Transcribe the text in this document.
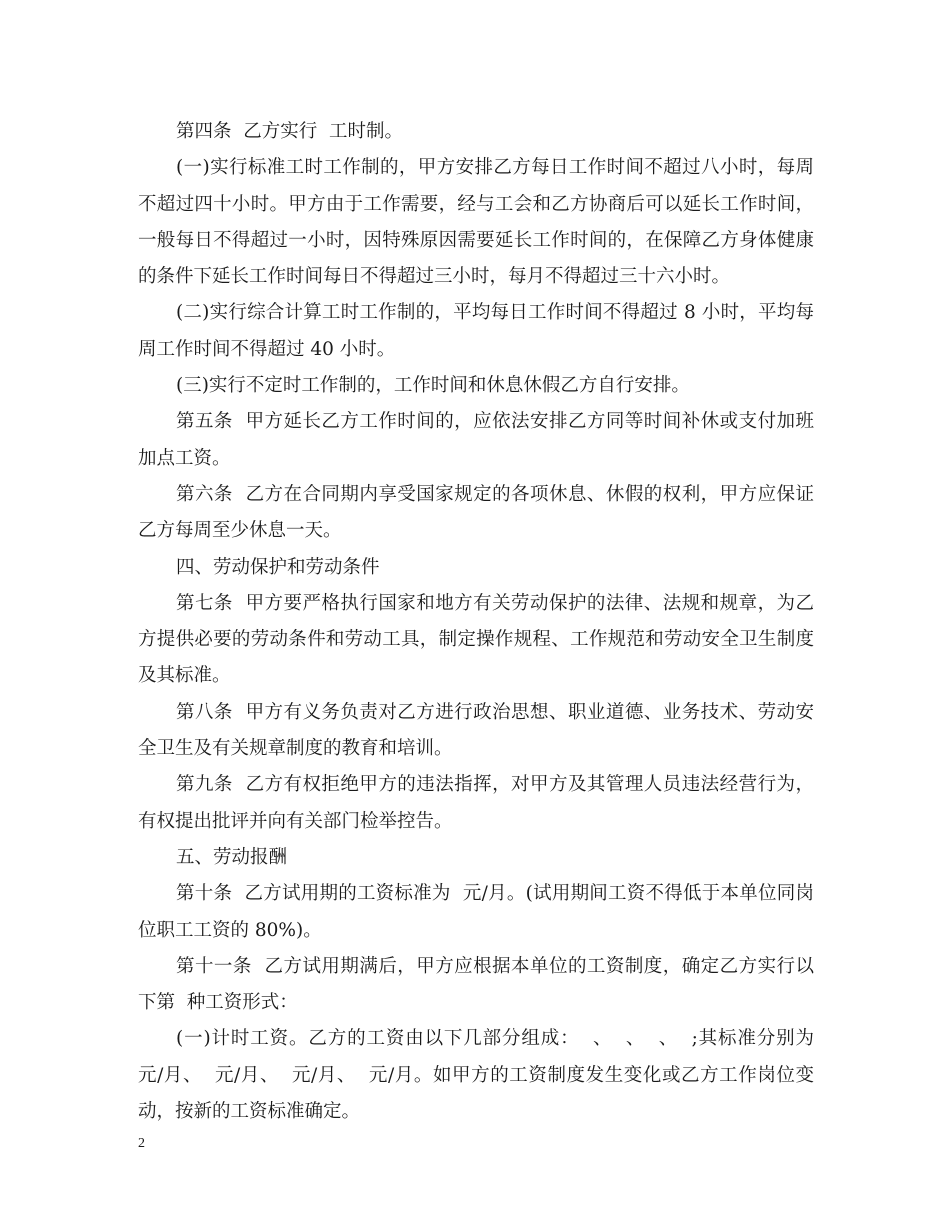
第四条  乙方实行  工时制。

(一)实行标准工时工作制的，甲方安排乙方每日工作时间不超过八小时，每周不超过四十小时。甲方由于工作需要，经与工会和乙方协商后可以延长工作时间，一般每日不得超过一小时，因特殊原因需要延长工作时间的，在保障乙方身体健康的条件下延长工作时间每日不得超过三小时，每月不得超过三十六小时。

(二)实行综合计算工时工作制的，平均每日工作时间不得超过 8 小时，平均每周工作时间不得超过 40 小时。

(三)实行不定时工作制的，工作时间和休息休假乙方自行安排。

第五条  甲方延长乙方工作时间的，应依法安排乙方同等时间补休或支付加班加点工资。

第六条  乙方在合同期内享受国家规定的各项休息、休假的权利，甲方应保证乙方每周至少休息一天。

四、劳动保护和劳动条件

第七条  甲方要严格执行国家和地方有关劳动保护的法律、法规和规章，为乙方提供必要的劳动条件和劳动工具，制定操作规程、工作规范和劳动安全卫生制度及其标准。

第八条  甲方有义务负责对乙方进行政治思想、职业道德、业务技术、劳动安全卫生及有关规章制度的教育和培训。

第九条  乙方有权拒绝甲方的违法指挥，对甲方及其管理人员违法经营行为，有权提出批评并向有关部门检举控告。

五、劳动报酬

第十条  乙方试用期的工资标准为  元/月。(试用期间工资不得低于本单位同岗位职工工资的 80%)。

第十一条  乙方试用期满后，甲方应根据本单位的工资制度，确定乙方实行以下第  种工资形式：

(一)计时工资。乙方的工资由以下几部分组成：  、  、  、  ;其标准分别为  元/月、  元/月、  元/月、  元/月。如甲方的工资制度发生变化或乙方工作岗位变动，按新的工资标准确定。

2
